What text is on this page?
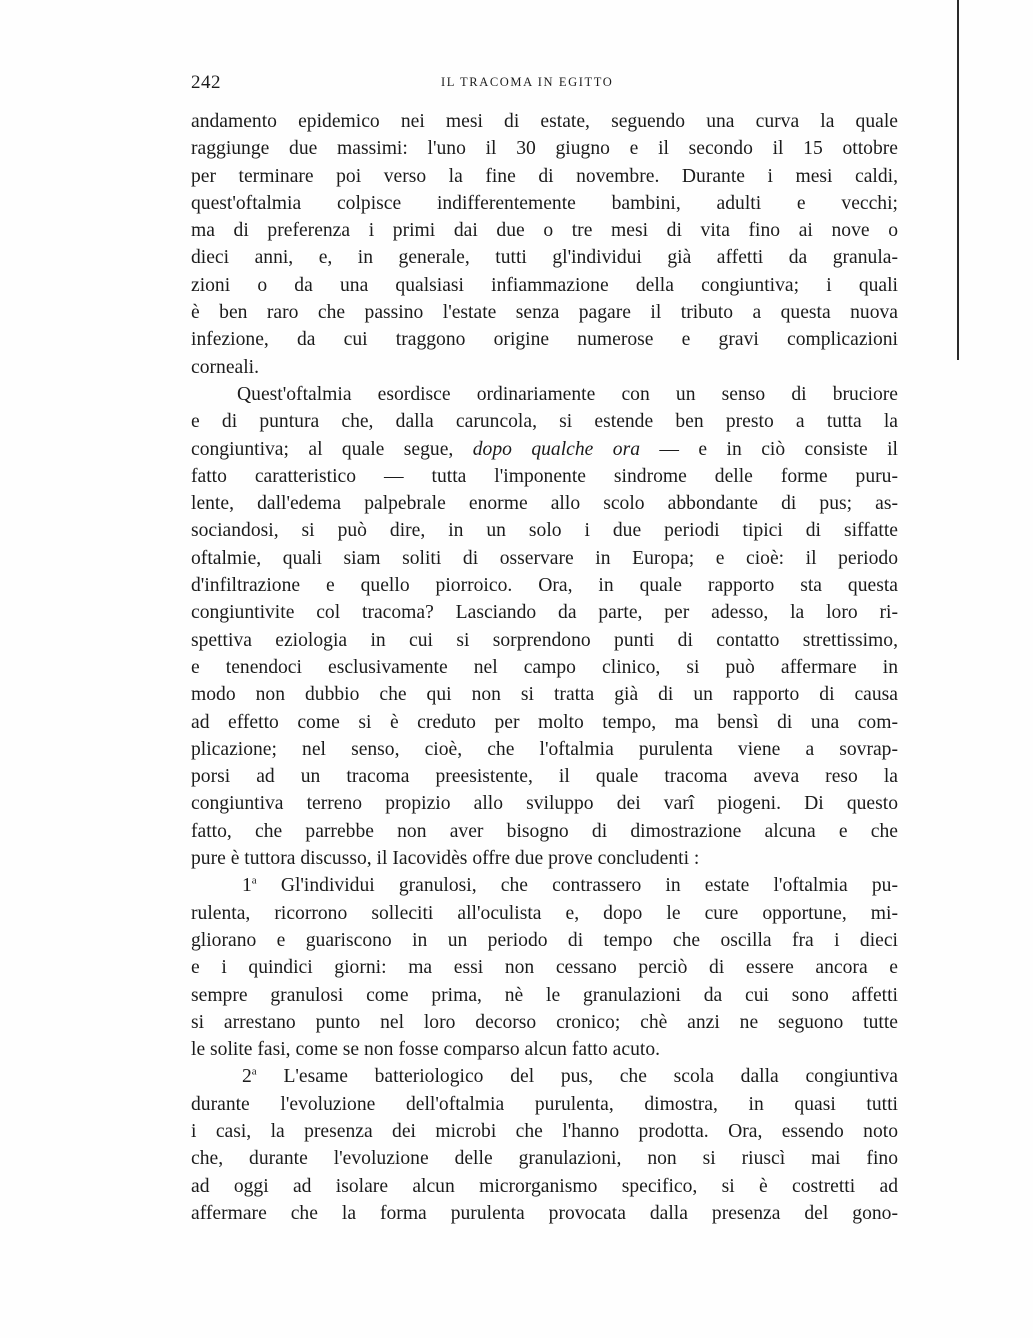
242	IL TRACOMA IN EGITTO
andamento epidemico nei mesi di estate, seguendo una curva la quale
raggiunge due massimi: l'uno il 30 giugno e il secondo il 15 ottobre
per terminare poi verso la fine di novembre. Durante i mesi caldi,
quest'oftalmia colpisce indifferentemente bambini, adulti e vecchi;
ma di preferenza i primi dai due o tre mesi di vita fino ai nove o
dieci anni, e, in generale, tutti gl'individui già affetti da granula-
zioni o da una qualsiasi infiammazione della congiuntiva; i quali
è ben raro che passino l'estate senza pagare il tributo a questa nuova
infezione, da cui traggono origine numerose e gravi complicazioni
corneali.
Quest'oftalmia esordisce ordinariamente con un senso di bruciore
e di puntura che, dalla caruncola, si estende ben presto a tutta la
congiuntiva; al quale segue, dopo qualche ora — e in ciò consiste il
fatto caratteristico — tutta l'imponente sindrome delle forme puru-
lente, dall'edema palpebrale enorme allo scolo abbondante di pus; as-
sociandosi, si può dire, in un solo i due periodi tipici di siffatte
oftalmie, quali siam soliti di osservare in Europa; e cioè: il periodo
d'infiltrazione e quello piorroico. Ora, in quale rapporto sta questa
congiuntivite col tracoma? Lasciando da parte, per adesso, la loro ri-
spettiva eziologia in cui si sorprendono punti di contatto strettissimo,
e tenendoci esclusivamente nel campo clinico, si può affermare in
modo non dubbio che qui non si tratta già di un rapporto di causa
ad effetto come si è creduto per molto tempo, ma bensì di una com-
plicazione; nel senso, cioè, che l'oftalmia purulenta viene a sovrap-
porsi ad un tracoma preesistente, il quale tracoma aveva reso la
congiuntiva terreno propizio allo sviluppo dei varî piogeni. Di questo
fatto, che parrebbe non aver bisogno di dimostrazione alcuna e che
pure è tuttora discusso, il Iacovidès offre due prove concludenti :
1$^a$ Gl'individui granulosi, che contrassero in estate l'oftalmia pu-
rulenta, ricorrono solleciti all'oculista e, dopo le cure opportune, mi-
gliorano e guariscono in un periodo di tempo che oscilla fra i dieci
e i quindici giorni: ma essi non cessano perciò di essere ancora e
sempre granulosi come prima, nè le granulazioni da cui sono affetti
si arrestano punto nel loro decorso cronico; chè anzi ne seguono tutte
le solite fasi, come se non fosse comparso alcun fatto acuto.
2$^a$ L'esame batteriologico del pus, che scola dalla congiuntiva
durante l'evoluzione dell'oftalmia purulenta, dimostra, in quasi tutti
i casi, la presenza dei microbi che l'hanno prodotta. Ora, essendo noto
che, durante l'evoluzione delle granulazioni, non si riuscì mai fino
ad oggi ad isolare alcun microrganismo specifico, si è costretti ad
affermare che la forma purulenta provocata dalla presenza del gono-
